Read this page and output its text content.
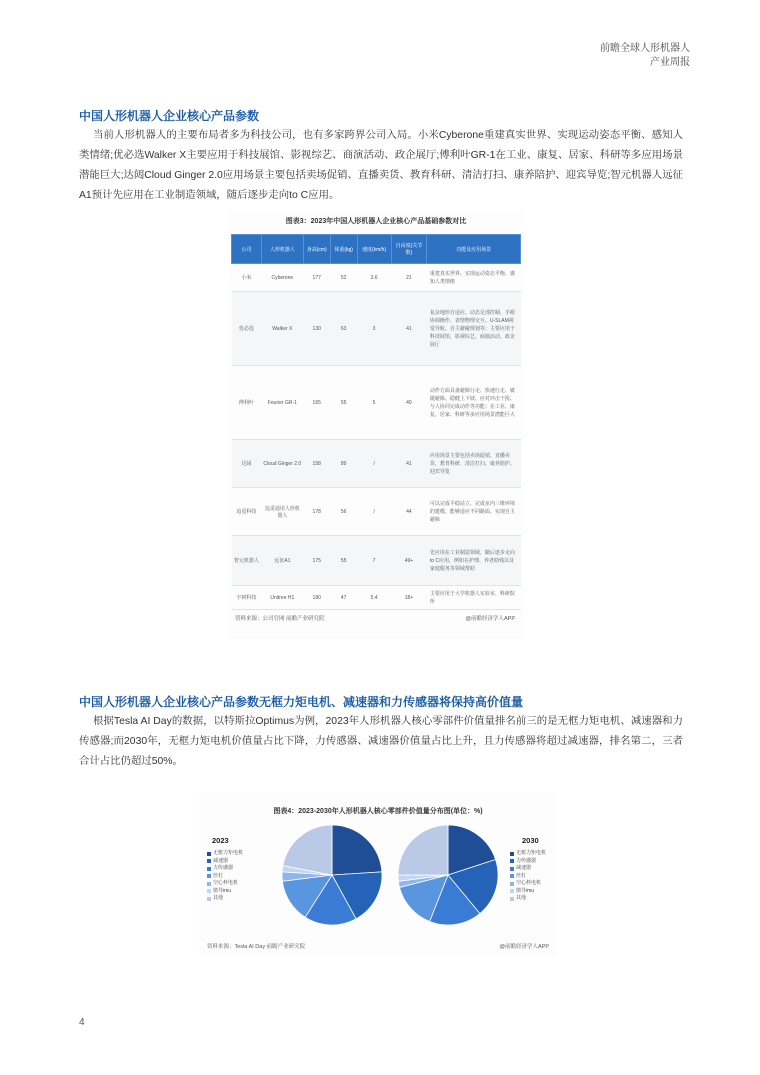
前瞻全球人形机器人
产业周报
中国人形机器人企业核心产品参数
当前人形机器人的主要布局者多为科技公司，也有多家跨界公司入局。小米Cyberone重建真实世界、实现运动姿态平衡、感知人类情绪;优必选Walker X主要应用于科技展馆、影视综艺、商演活动、政企展厅;傅利叶GR-1在工业、康复、居家、科研等多应用场景潜能巨大;达闼Cloud Ginger 2.0应用场景主要包括卖场促销、直播卖货、教育科研、清洁打扫、康养陪护、迎宾导览;智元机器人远征A1预计先应用在工业制造领域，随后逐步走向to C应用。
图表3：2023年中国人形机器人企业核心产品基础参数对比
公司	人形机器人	身高(cm)	体重(kg)	速度(km/h)	自由度(关节数)	功能及应用场景
小米	Cyberone	177	52	3.6	21	重建真实世界、实现运动姿态平衡、感知人类情绪
优必选	Walker X	130	63	3	41	复杂地形自适应、动态足部控制、手眼协调操作、表情物理交互、U-SLAM视觉导航、自主避碰规划等；主要应用于科技展馆、影视综艺、商演活动、政企展厅
傅利叶	Fourier GR-1	165	55	5	40	动作方面具备避障行走、快速行走、敏捷避障、稳健上下坡、应对冲击干扰、与人协同完成动作等功能；在工业、康复、居家、科研等多应用场景潜能巨大
达闼	Cloud Ginger 2.0	158	89	/	41	应用场景主要包括卖场促销、直播卖货、教育科研、清洁打扫、康养陪护、迎宾导览
追觅科技	追觅通用人形机器人	178	56	/	44	可以完成平稳站立、完成室内三维环境的建模、能够适应不同路面、实现自主避障
智元机器人	远征A1	175	55	7	49+	先应用在工业制造领域，随后逐步走向to C应用，例如在护理、养老助残以及家庭服务等领域帮助
宇树科技	Unitree H1	180	47	5.4	18+	主要应用于大学机器人实验室、科研院所
资料来源：公司官网 前瞻产业研究院	@前瞻经济学人APP
中国人形机器人企业核心产品参数无框力矩电机、减速器和力传感器将保持高价值量
根据Tesla AI Day的数据，以特斯拉Optimus为例，2023年人形机器人核心零部件价值量排名前三的是无框力矩电机、减速器和力传感器;而2030年，无框力矩电机价值量占比下降，力传感器、减速器价值量占比上升，且力传感器将超过减速器，排名第二，三者合计占比仍超过50%。
图表4：2023-2030年人形机器人核心零部件价值量分布图(单位：%)
2023	2030
无框力矩电机
减速器
力传感器
丝杠
空心杯电机
惯导imu
其他
无框力矩电机
力传感器
减速器
丝杠
空心杯电机
惯导imu
其他
资料来源：Tesla AI Day 前瞻产业研究院	@前瞻经济学人APP
4
